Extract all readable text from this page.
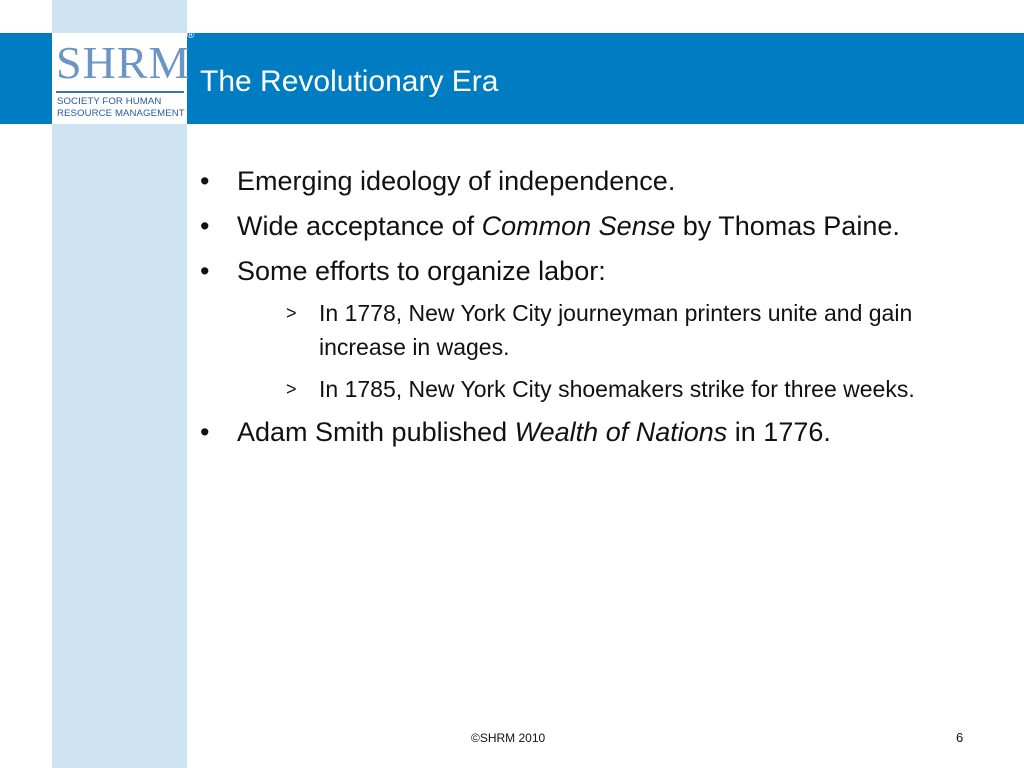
SHRM
SOCIETY FOR HUMAN
RESOURCE MANAGEMENT
®
The Revolutionary Era
• Emerging ideology of independence.
• Wide acceptance of Common Sense by Thomas Paine.
• Some efforts to organize labor:
> In 1778, New York City journeyman printers unite and gain increase in wages.
> In 1785, New York City shoemakers strike for three weeks.
• Adam Smith published Wealth of Nations in 1776.
©SHRM 2010	6
